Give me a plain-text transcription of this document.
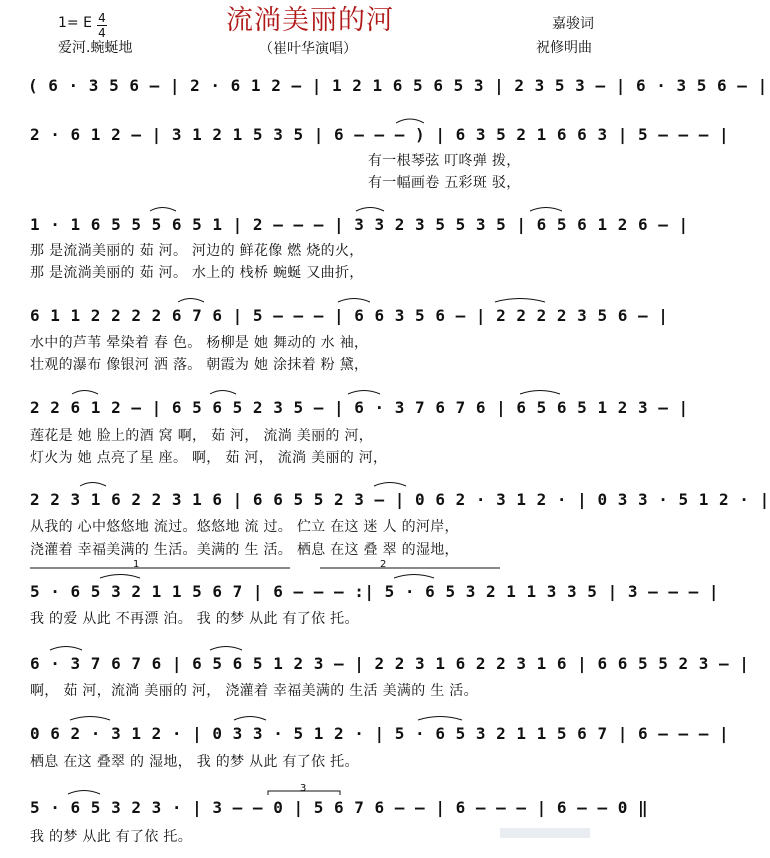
1= E 4
4	流淌美丽的河	嘉骏词
爱河.蜿蜒地	（崔叶华演唱）	祝修明曲
( 6 · 3 5 6 – | 2 · 6 1 2 – | 1 2 1 6 5 6 5 3 | 2 3 5 3 – | 6 · 3 5 6 – |
2 · 6 1 2 – | 3 1 2 1 5 3 5 | 6 – – – ) | 6 3 5 2 1 6 6 3 | 5 – – – |
有一根琴弦 叮咚弹 拨，
有一幅画卷 五彩斑 驳，
1 · 1 6 5 5 5 6 5 1 | 2 – – – | 3 3 2 3 5 5 3 5 | 6 5 6 1 2 6 – |
那 是流淌美丽的 茹 河。 河边的 鲜花像 燃 烧的火，
那 是流淌美丽的 茹 河。 水上的 栈桥 蜿蜒 又曲折，
6 1 1 2 2 2 2 6 7 6 | 5 – – – | 6 6 3 5 6 – | 2 2 2 2 3 5 6 – |
水中的芦苇 晕染着 春 色。 杨柳是 她 舞动的 水 袖，
壮观的瀑布 像银河 洒 落。 朝霞为 她 涂抹着 粉 黛，
2 2 6 1 2 – | 6 5 6 5 2 3 5 – | 6 · 3 7 6 7 6 | 6 5 6 5 1 2 3 – |
莲花是 她 脸上的酒 窝 啊， 茹 河， 流淌 美丽的 河，
灯火为 她 点亮了星 座。 啊， 茹 河， 流淌 美丽的 河，
2 2 3 1 6 2 2 3 1 6 | 6 6 5 5 2 3 – | 0 6 2 · 3 1 2 · | 0 3 3 · 5 1 2 · |
从我的 心中悠悠地 流过。悠悠地 流 过。 伫立 在这 迷 人 的河岸，
浇灌着 幸福美满的 生活。美满的 生 活。 栖息 在这 叠 翠 的湿地，
1	2
5 · 6 5 3 2 1 1 5 6 7 | 6 – – – :| 5 · 6 5 3 2 1 1 3 3 5 | 3 – – – |
我 的爱 从此 不再漂 泊。 我 的梦 从此 有了依 托。
6 · 3 7 6 7 6 | 6 5 6 5 1 2 3 – | 2 2 3 1 6 2 2 3 1 6 | 6 6 5 5 2 3 – |
啊， 茹 河，流淌 美丽的 河， 浇灌着 幸福美满的 生活 美满的 生 活。
0 6 2 · 3 1 2 · | 0 3 3 · 5 1 2 · | 5 · 6 5 3 2 1 1 5 6 7 | 6 – – – |
栖息 在这 叠翠 的 湿地， 我 的梦 从此 有了依 托。
3
5 · 6 5 3 2 3 · | 3 – – 0 | 5 6 7 6 – – | 6 – – – | 6 – – 0 ‖
我 的梦 从此 有了依 托。
